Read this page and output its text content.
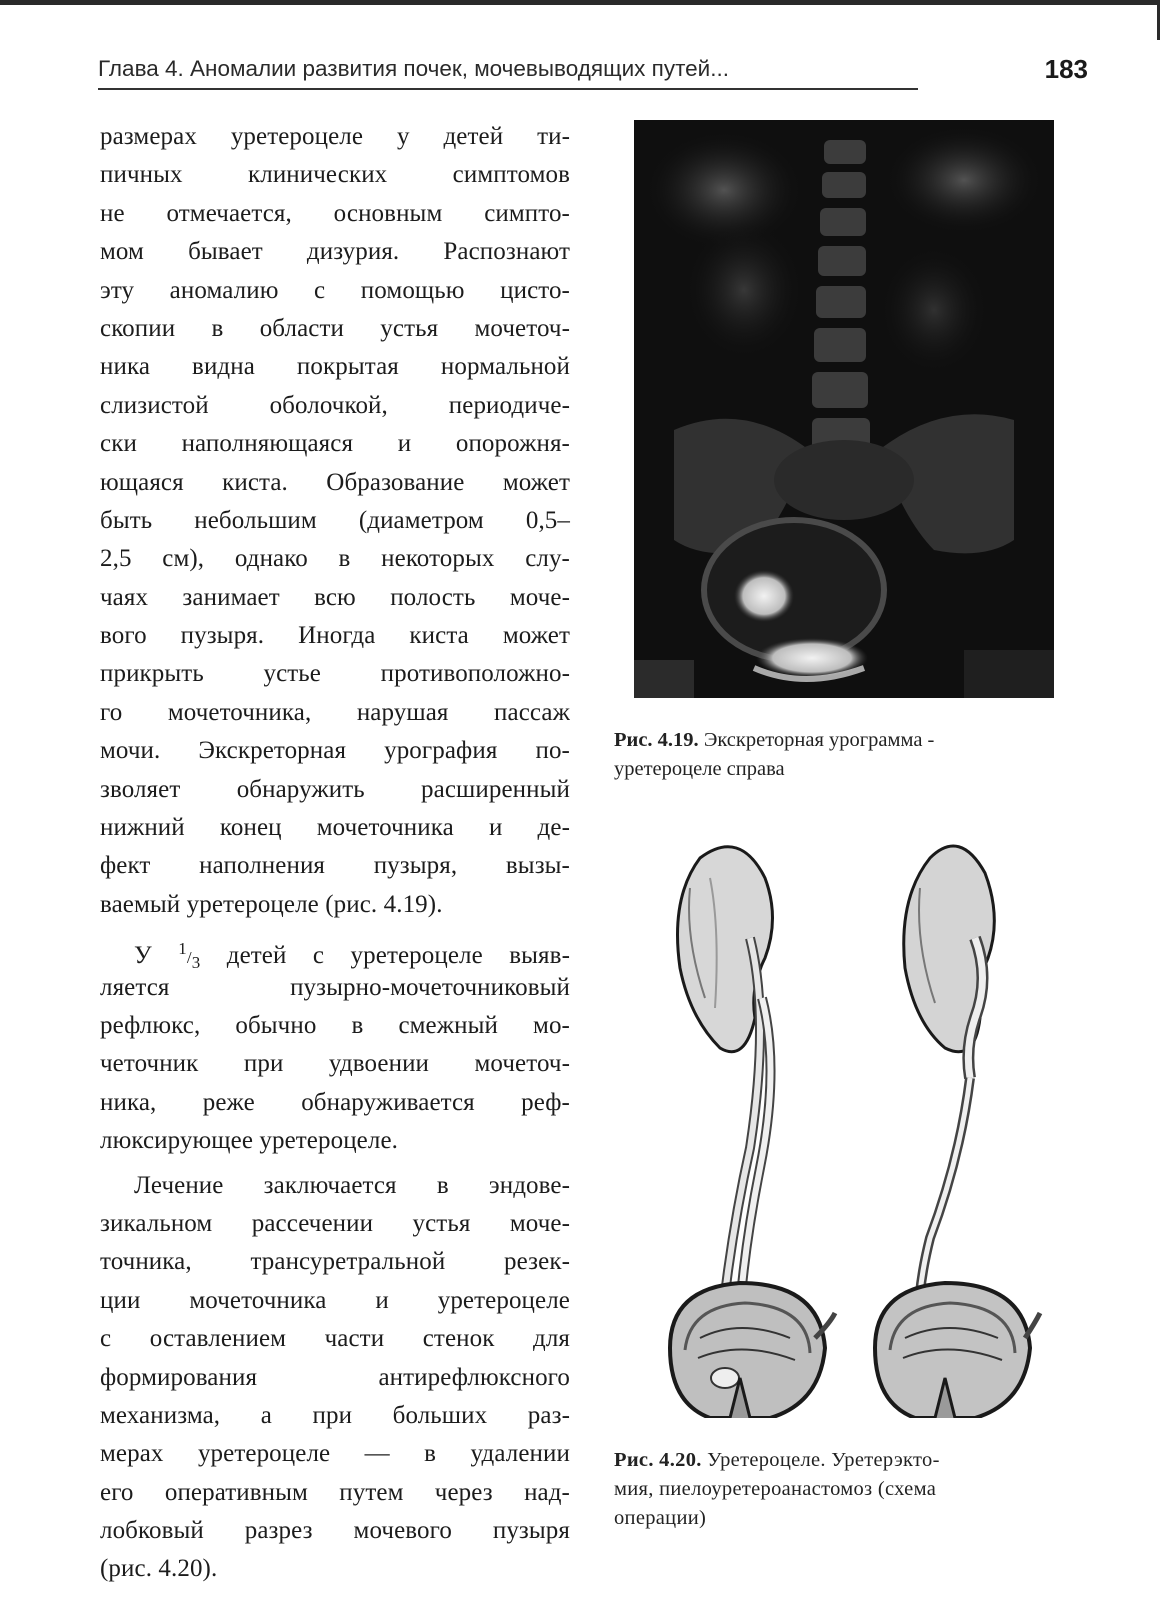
Глава 4. Аномалии развития почек, мочевыводящих путей...	183
размерах уретероцеле у детей ти-
пичных клинических симптомов
не отмечается, основным симпто-
мом бывает дизурия. Распознают
эту аномалию с помощью цисто-
скопии в области устья мочеточ-
ника видна покрытая нормальной
слизистой оболочкой, периодиче-
ски наполняющаяся и опорожня-
ющаяся киста. Образование может
быть небольшим (диаметром 0,5–
2,5 см), однако в некоторых слу-
чаях занимает всю полость моче-
вого пузыря. Иногда киста может
прикрыть устье противоположно-
го мочеточника, нарушая пассаж
мочи. Экскреторная урография по-
зволяет обнаружить расширенный
нижний конец мочеточника и де-
фект наполнения пузыря, вызы-
ваемый уретероцеле (рис. 4.19).
У 1/3 детей с уретероцеле выяв-
ляется пузырно-мочеточниковый
рефлюкс, обычно в смежный мо-
четочник при удвоении мочеточ-
ника, реже обнаруживается реф-
люксирующее уретероцеле.
Лечение заключается в эндове-
зикальном рассечении устья моче-
точника, трансуретральной резек-
ции мочеточника и уретероцеле
с оставлением части стенок для
формирования антирефлюксного
механизма, а при больших раз-
мерах уретероцеле — в удалении
его оперативным путем через над-
лобковый разрез мочевого пузыря
(рис. 4.20).
Рис. 4.19. Экскреторная урограмма -
уретероцеле справа
Рис. 4.20. Уретероцеле. Уретерэкто-
мия, пиелоуретероанастомоз (схема
операции)
